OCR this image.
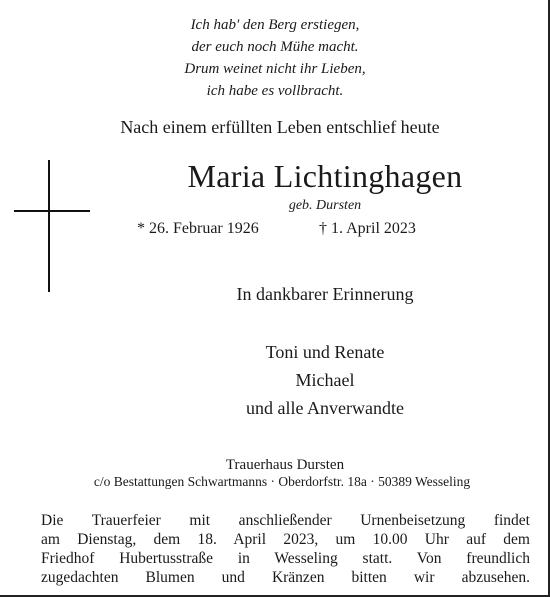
Ich hab' den Berg erstiegen,
der euch noch Mühe macht.
Drum weinet nicht ihr Lieben,
ich habe es vollbracht.
Nach einem erfüllten Leben entschlief heute
Maria Lichtinghagen
geb. Dursten
* 26. Februar 1926	† 1. April 2023
In dankbarer Erinnerung
Toni und Renate
Michael
und alle Anverwandte
Trauerhaus Dursten
c/o Bestattungen Schwartmanns · Oberdorfstr. 18a · 50389 Wesseling
Die Trauerfeier mit anschließender Urnenbeisetzung findet
am Dienstag, dem 18. April 2023, um 10.00 Uhr auf dem
Friedhof Hubertusstraße in Wesseling statt. Von freundlich
zugedachten Blumen und Kränzen bitten wir abzusehen.
